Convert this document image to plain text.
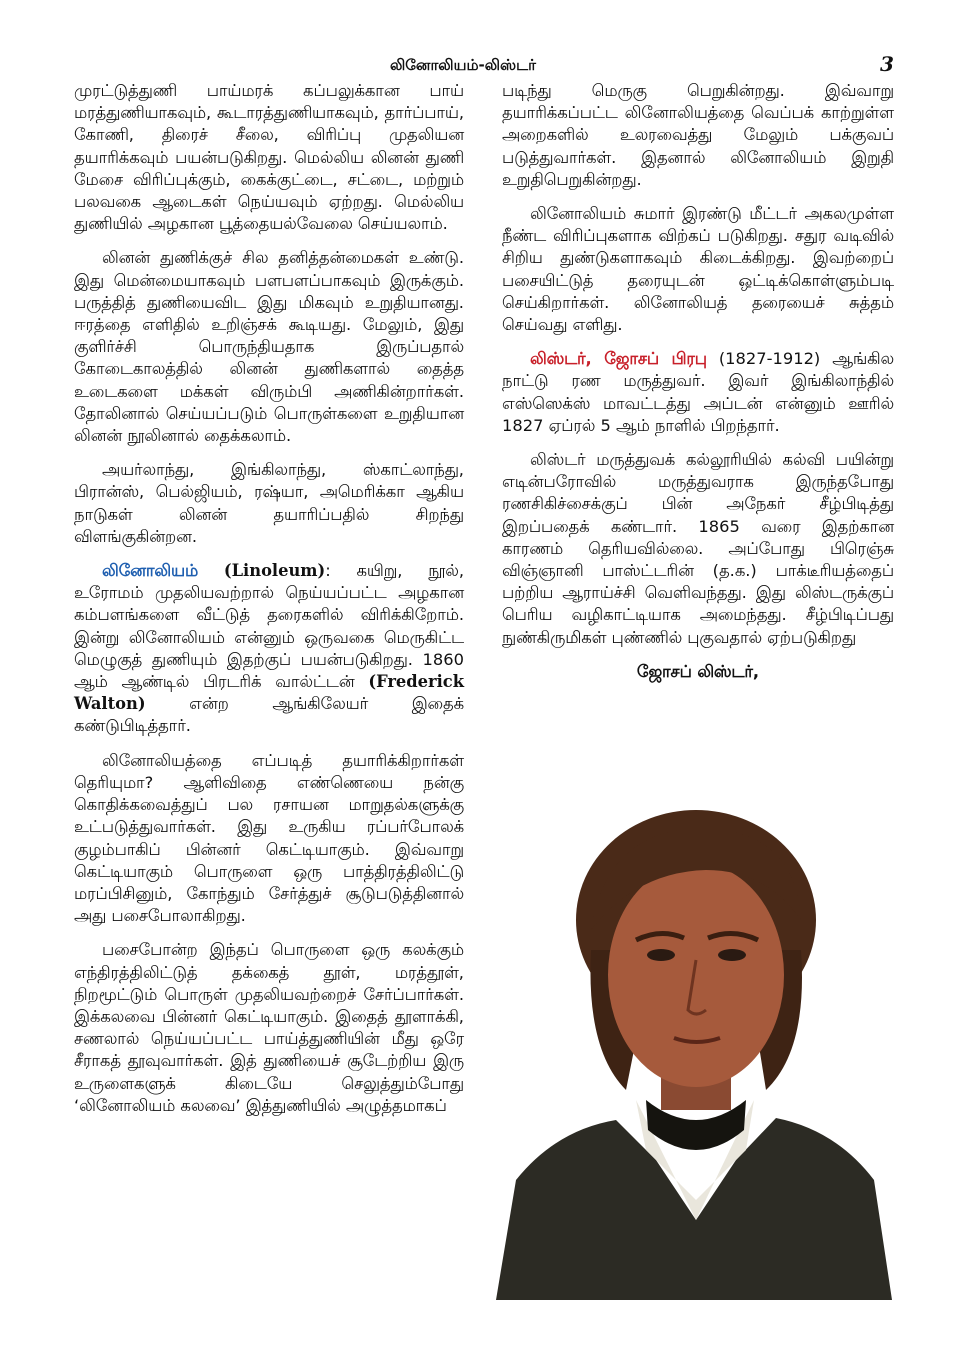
லினோலியம்-லிஸ்டர்	3

முரட்டுத்துணி பாய்மரக் கப்பலுக்கான பாய் மரத்துணியாகவும், கூடாரத்துணியாகவும், தார்ப்பாய், கோணி, திரைச் சீலை, விரிப்பு முதலியன தயாரிக்கவும் பயன்படுகிறது. மெல்லிய லினன் துணி மேசை விரிப்புக்கும், கைக்குட்டை, சட்டை, மற்றும் பலவகை ஆடைகள் நெய்யவும் ஏற்றது. மெல்லிய துணியில் அழகான பூத்தையல்வேலை செய்யலாம்.

லினன் துணிக்குச் சில தனித்தன்மைகள் உண்டு. இது மென்மையாகவும் பளபளப்பாகவும் இருக்கும். பருத்தித் துணியைவிட இது மிகவும் உறுதியானது. ஈரத்தை எளிதில் உறிஞ்சக் கூடியது. மேலும், இது குளிர்ச்சி பொருந்தியதாக இருப்பதால் கோடைகாலத்தில் லினன் துணிகளால் தைத்த உடைகளை மக்கள் விரும்பி அணிகின்றார்கள். தோலினால் செய்யப்படும் பொருள்களை உறுதியான லினன் நூலினால் தைக்கலாம்.

அயர்லாந்து, இங்கிலாந்து, ஸ்காட்லாந்து, பிரான்ஸ், பெல்ஜியம், ரஷ்யா, அமெரிக்கா ஆகிய நாடுகள் லினன் தயாரிப்பதில் சிறந்து விளங்குகின்றன.

லினோலியம் (Linoleum): கயிறு, நூல், உரோமம் முதலியவற்றால் நெய்யப்பட்ட அழகான கம்பளங்களை வீட்டுத் தரைகளில் விரிக்கிறோம். இன்று லினோலியம் என்னும் ஒருவகை மெருகிட்ட மெழுகுத் துணியும் இதற்குப் பயன்படுகிறது. 1860 ஆம் ஆண்டில் பிரடரிக் வால்ட்டன் (Frederick Walton) என்ற ஆங்கிலேயர் இதைக் கண்டுபிடித்தார்.

லினோலியத்தை எப்படித் தயாரிக்கிறார்கள் தெரியுமா? ஆளிவிதை எண்ணெயை நன்கு கொதிக்கவைத்துப் பல ரசாயன மாறுதல்களுக்கு உட்படுத்துவார்கள். இது உருகிய ரப்பர்போலக் குழம்பாகிப் பின்னர் கெட்டியாகும். இவ்வாறு கெட்டியாகும் பொருளை ஒரு பாத்திரத்திலிட்டு மரப்பிசினும், கோந்தும் சேர்த்துச் சூடுபடுத்தினால் அது பசைபோலாகிறது.

பசைபோன்ற இந்தப் பொருளை ஒரு கலக்கும் எந்திரத்திலிட்டுத் தக்கைத் தூள், மரத்தூள், நிறமூட்டும் பொருள் முதலியவற்றைச் சேர்ப்பார்கள். இக்கலவை பின்னர் கெட்டியாகும். இதைத் தூளாக்கி, சணலால் நெய்யப்பட்ட பாய்த்துணியின் மீது ஒரே சீராகத் தூவுவார்கள். இத் துணியைச் சூடேற்றிய இரு உருளைகளுக் கிடையே செலுத்தும்போது ‘லினோலியம் கலவை’ இத்துணியில் அழுத்தமாகப்

படிந்து மெருகு பெறுகின்றது. இவ்வாறு தயாரிக்கப்பட்ட லினோலியத்தை வெப்பக் காற்றுள்ள அறைகளில் உலரவைத்து மேலும் பக்குவப் படுத்துவார்கள். இதனால் லினோலியம் இறுதி உறுதிபெறுகின்றது.

லினோலியம் சுமார் இரண்டு மீட்டர் அகலமுள்ள நீண்ட விரிப்புகளாக விற்கப் படுகிறது. சதுர வடிவில் சிறிய துண்டுகளாகவும் கிடைக்கிறது. இவற்றைப் பசையிட்டுத் தரையுடன் ஒட்டிக்கொள்ளும்படி செய்கிறார்கள். லினோலியத் தரையைச் சுத்தம் செய்வது எளிது.

லிஸ்டர், ஜோசப் பிரபு (1827-1912) ஆங்கில நாட்டு ரண மருத்துவர். இவர் இங்கிலாந்தில் எஸ்ஸெக்ஸ் மாவட்டத்து அப்டன் என்னும் ஊரில் 1827 ஏப்ரல் 5 ஆம் நாளில் பிறந்தார்.

லிஸ்டர் மருத்துவக் கல்லூரியில் கல்வி பயின்று எடின்பரோவில் மருத்துவராக இருந்தபோது ரணசிகிச்சைக்குப் பின் அநேகர் சீழ்பிடித்து இறப்பதைக் கண்டார். 1865 வரை இதற்கான காரணம் தெரியவில்லை. அப்போது பிரெஞ்சு விஞ்ஞானி பாஸ்ட்டரின் (த.க.) பாக்டீரியத்தைப் பற்றிய ஆராய்ச்சி வெளிவந்தது. இது லிஸ்டருக்குப் பெரிய வழிகாட்டியாக அமைந்தது. சீழ்பிடிப்பது நுண்கிருமிகள் புண்ணில் புகுவதால் ஏற்படுகிறது

ஜோசப் லிஸ்டர்,
